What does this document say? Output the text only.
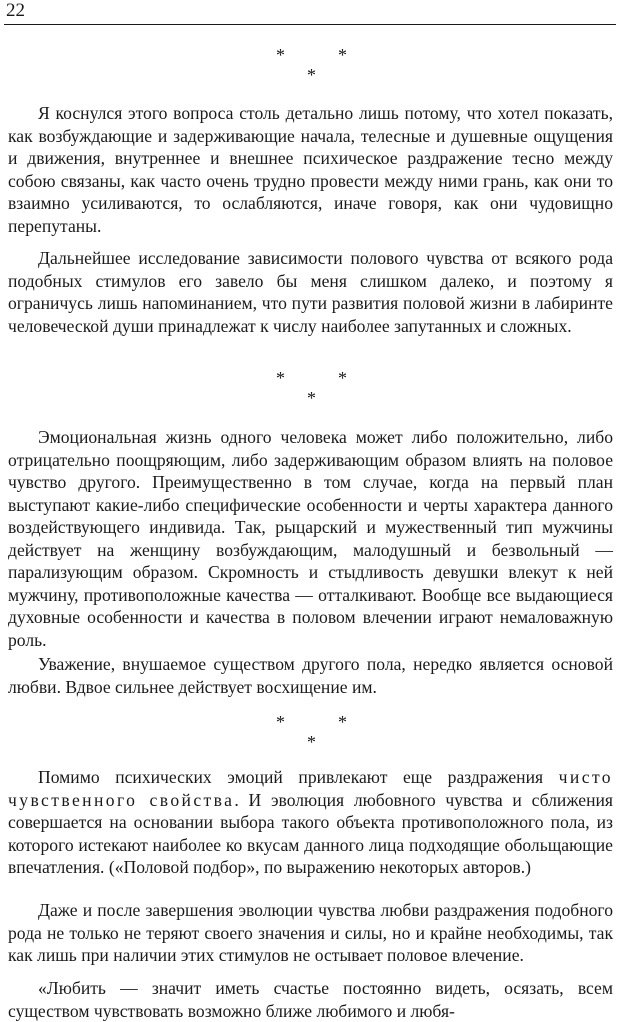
22
*	*
*

Я коснулся этого вопроса столь детально лишь потому, что хотел показать, как возбуждающие и задерживающие начала, телесные и душевные ощущения и движения, внутреннее и внешнее психическое раздражение тесно между собою связаны, как часто очень трудно провести между ними грань, как они то взаимно усиливаются, то ослабляются, иначе говоря, как они чудовищно перепутаны.

Дальнейшее исследование зависимости полового чувства от всякого рода подобных стимулов его завело бы меня слишком далеко, и поэтому я ограничусь лишь напоминанием, что пути развития половой жизни в лабиринте человеческой души принадлежат к числу наиболее запутанных и сложных.

*	*
*

Эмоциональная жизнь одного человека может либо положительно, либо отрицательно поощряющим, либо задерживающим образом влиять на половое чувство другого. Преимущественно в том случае, когда на первый план выступают какие-либо специфические особенности и черты характера данного воздействующего индивида. Так, рыцарский и мужественный тип мужчины действует на женщину возбуждающим, малодушный и безвольный — парализующим образом. Скромность и стыдливость девушки влекут к ней мужчину, противоположные качества — отталкивают. Вообще все выдающиеся духовные особенности и качества в половом влечении играют немаловажную роль.

Уважение, внушаемое существом другого пола, нередко является основой любви. Вдвое сильнее действует восхищение им.

*	*
*

Помимо психических эмоций привлекают еще раздражения чисто чувственного свойства. И эволюция любовного чувства и сближения совершается на основании выбора такого объекта противоположного пола, из которого истекают наиболее ко вкусам данного лица подходящие обольщающие впечатления. («Половой подбор», по выражению некоторых авторов.)

Даже и после завершения эволюции чувства любви раздражения подобного рода не только не теряют своего значения и силы, но и крайне необходимы, так как лишь при наличии этих стимулов не остывает половое влечение.

«Любить — значит иметь счастье постоянно видеть, осязать, всем существом чувствовать возможно ближе любимого и любя-
